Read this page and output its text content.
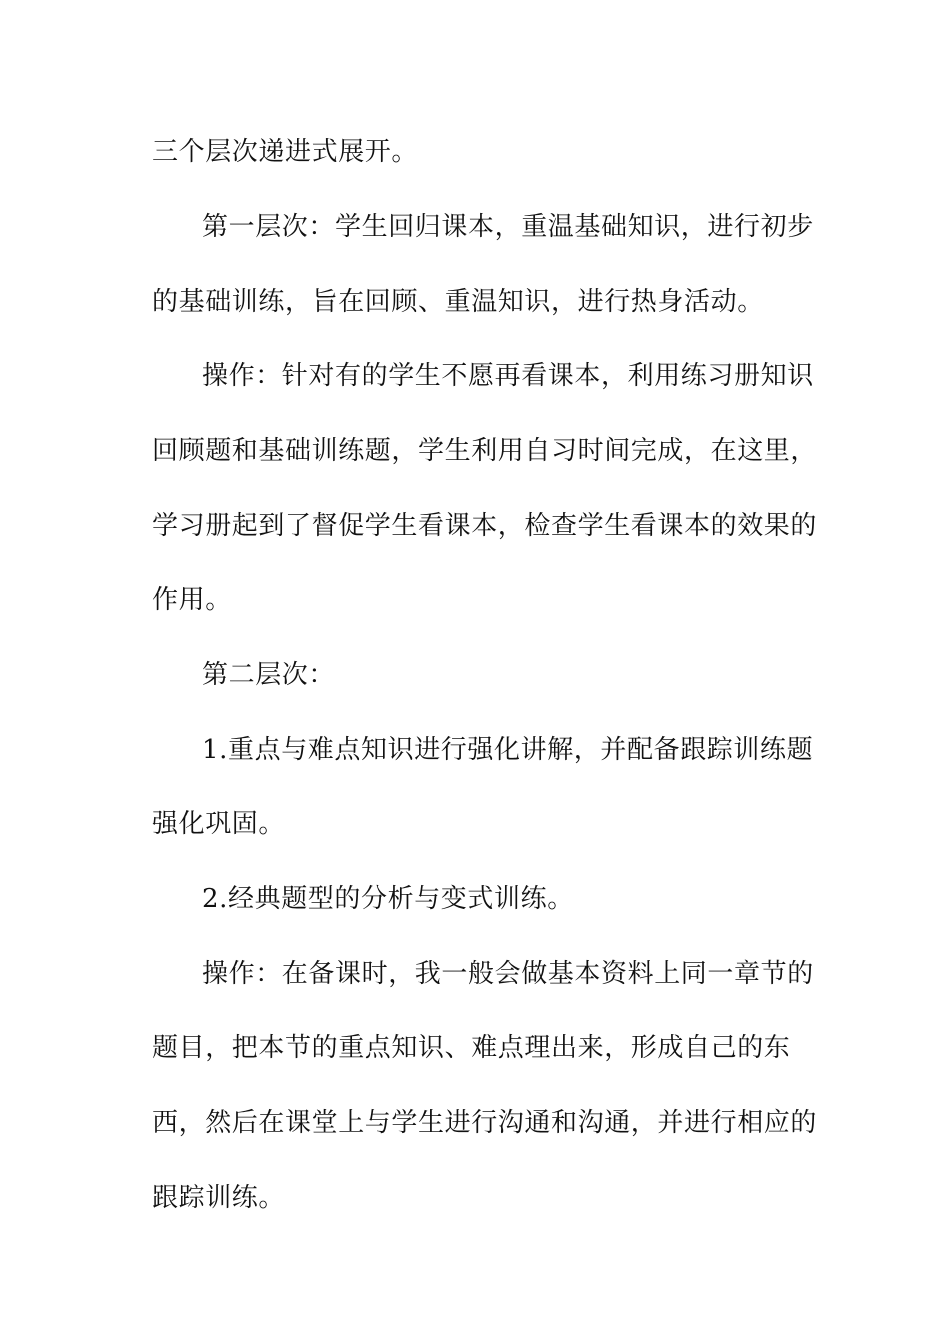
三个层次递进式展开。
第一层次：学生回归课本，重温基础知识，进行初步
的基础训练，旨在回顾、重温知识，进行热身活动。
操作：针对有的学生不愿再看课本，利用练习册知识
回顾题和基础训练题，学生利用自习时间完成，在这里，
学习册起到了督促学生看课本，检查学生看课本的效果的
作用。
第二层次：
1.重点与难点知识进行强化讲解，并配备跟踪训练题
强化巩固。
2.经典题型的分析与变式训练。
操作：在备课时，我一般会做基本资料上同一章节的
题目，把本节的重点知识、难点理出来，形成自己的东
西，然后在课堂上与学生进行沟通和沟通，并进行相应的
跟踪训练。
